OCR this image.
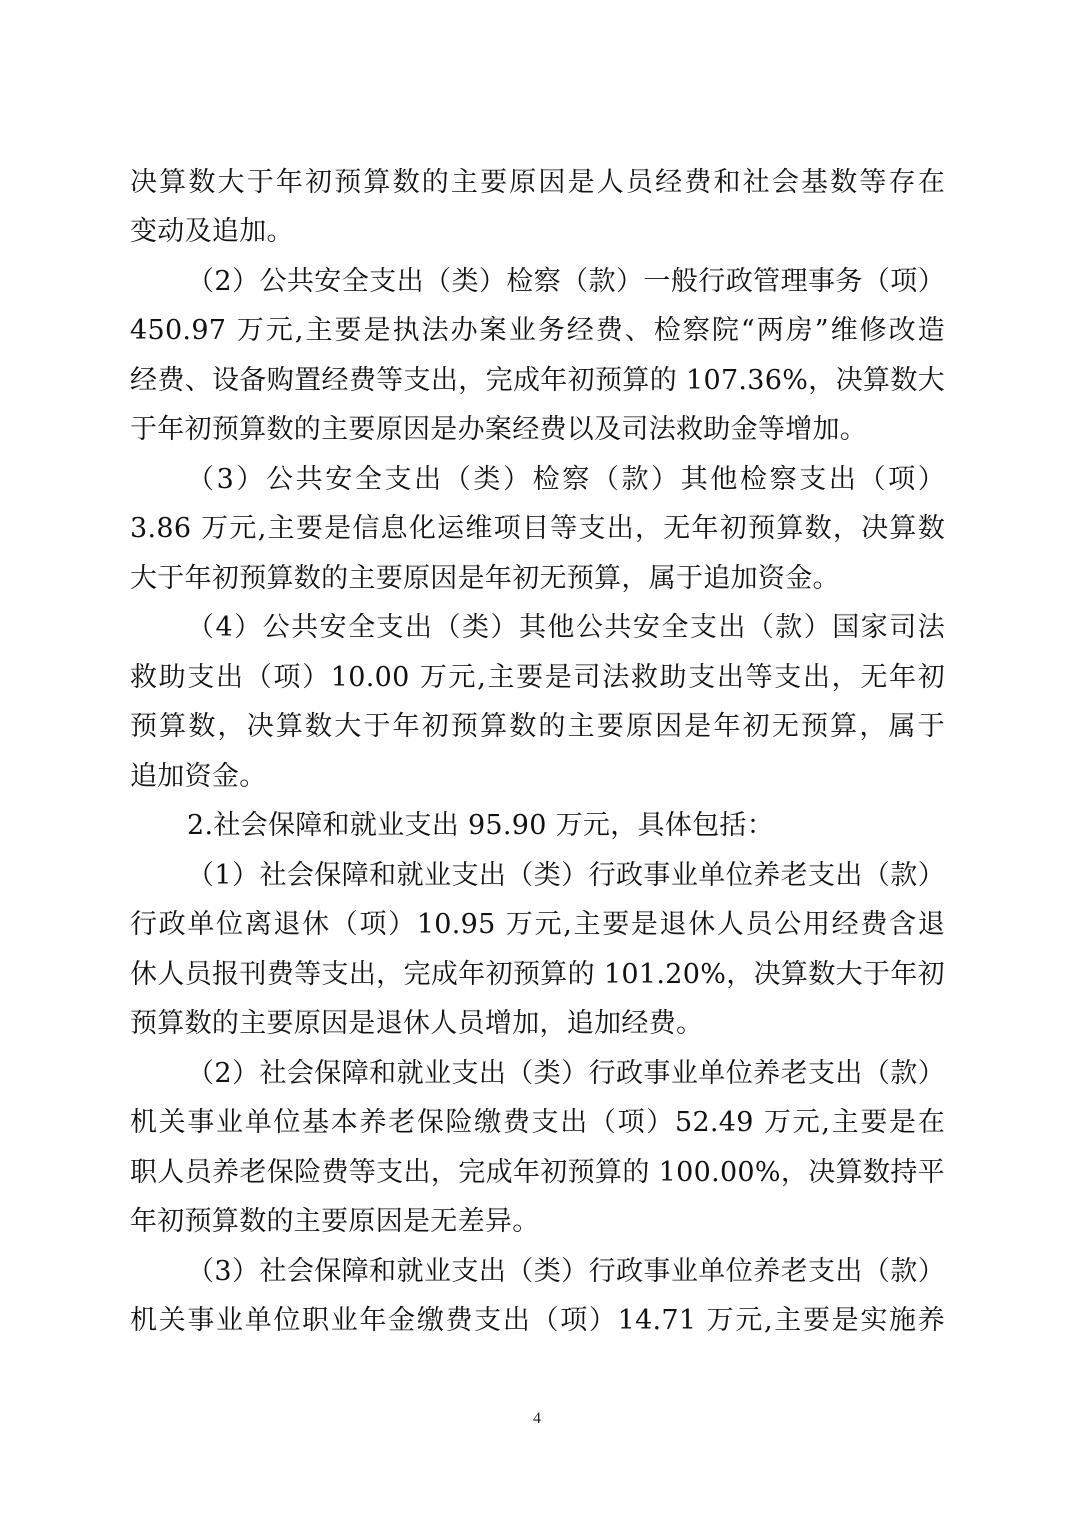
决算数大于年初预算数的主要原因是人员经费和社会基数等存在
变动及追加。
（2）公共安全支出（类）检察（款）一般行政管理事务（项）
450.97 万元,主要是执法办案业务经费、检察院“两房”维修改造
经费、设备购置经费等支出，完成年初预算的 107.36%，决算数大
于年初预算数的主要原因是办案经费以及司法救助金等增加。
（3）公共安全支出（类）检察（款）其他检察支出（项）
3.86 万元,主要是信息化运维项目等支出，无年初预算数，决算数
大于年初预算数的主要原因是年初无预算，属于追加资金。
（4）公共安全支出（类）其他公共安全支出（款）国家司法
救助支出（项）10.00 万元,主要是司法救助支出等支出，无年初
预算数，决算数大于年初预算数的主要原因是年初无预算，属于
追加资金。
2.社会保障和就业支出 95.90 万元，具体包括：
（1）社会保障和就业支出（类）行政事业单位养老支出（款）
行政单位离退休（项）10.95 万元,主要是退休人员公用经费含退
休人员报刊费等支出，完成年初预算的 101.20%，决算数大于年初
预算数的主要原因是退休人员增加，追加经费。
（2）社会保障和就业支出（类）行政事业单位养老支出（款）
机关事业单位基本养老保险缴费支出（项）52.49 万元,主要是在
职人员养老保险费等支出，完成年初预算的 100.00%，决算数持平
年初预算数的主要原因是无差异。
（3）社会保障和就业支出（类）行政事业单位养老支出（款）
机关事业单位职业年金缴费支出（项）14.71 万元,主要是实施养
4
